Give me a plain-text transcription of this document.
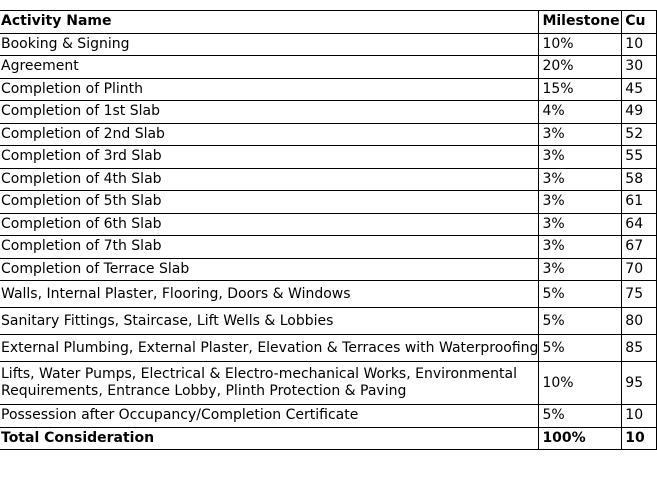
Activity Name	Milestone	Cu
Booking & Signing	10%	10
Agreement	20%	30
Completion of Plinth	15%	45
Completion of 1st Slab	4%	49
Completion of 2nd Slab	3%	52
Completion of 3rd Slab	3%	55
Completion of 4th Slab	3%	58
Completion of 5th Slab	3%	61
Completion of 6th Slab	3%	64
Completion of 7th Slab	3%	67
Completion of Terrace Slab	3%	70
Walls, Internal Plaster, Flooring, Doors & Windows	5%	75
Sanitary Fittings, Staircase, Lift Wells & Lobbies	5%	80
External Plumbing, External Plaster, Elevation & Terraces with Waterproofing	5%	85
Lifts, Water Pumps, Electrical & Electro-mechanical Works, Environmental Requirements, Entrance Lobby, Plinth Protection & Paving	10%	95
Possession after Occupancy/Completion Certificate	5%	10
Total Consideration	100%	10
